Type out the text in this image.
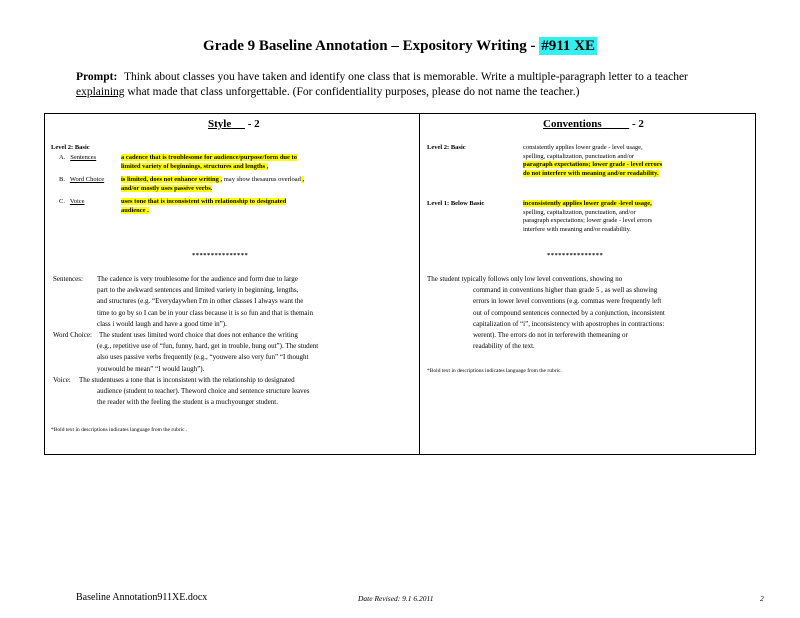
Grade 9 Baseline Annotation – Expository Writing - #911 XE
Prompt: Think about classes you have taken and identify one class that is memorable. Write a multiple-paragraph letter to a teacher
explaining what made that class unforgettable. (For confidentiality purposes, please do not name the teacher.)
Style - 2
Level 2: Basic
A. Sentences	a cadence that is troublesome for audience/purpose/form due to
limited variety of beginnings, structures and lengths ,
B. Word Choice	is limited, does not enhance writing , may show thesaurus overload ,
and/or mostly uses passive verbs.
C. Voice	uses tone that is inconsistent with relationship to designated
audience .
***************
Sentences: The cadence is very troublesome for the audience and form due to large
part to the awkward sentences and limited variety in beginning, lengths,
and structures (e.g. “Everydaywhen I'm in other classes I always want the
time to go by so I can be in your class because it is so fun and that is themain
class i would laugh and have a good time in”).
Word Choice: The student uses limited word choice that does not enhance the writing
(e.g., repetitive use of “fun, funny, hard, get in trouble, hung out”). The student
also uses passive verbs frequently (e.g., “youwere also very fun” “I thought
youwould be mean” “I would laugh”).
Voice: The studentuses a tone that is inconsistent with the relationship to designated
audience (student to teacher). Theword choice and sentence structure leaves
the reader with the feeling the student is a muchyounger student.
*Bold text in descriptions indicates language from the rubric .
Conventions	- 2
Level 2: Basic	consistently applies lower grade - level usage,
spelling, capitalization, punctuation and/or
paragraph expectations; lower grade - level errors
do not interfere with meaning and/or readability.
Level 1: Below Basic	inconsistently applies lower grade -level usage,
spelling, capitalization, punctuation, and/or
paragraph expectations; lower grade - level errors
interfere with meaning and/or readability.
***************
The student typically follows only low level conventions, showing no
command in conventions higher than grade 5 , as well as showing
errors in lower level conventions (e.g. commas were frequently left
out of compound sentences connected by a conjunction, inconsistent
capitalization of “i”, inconsistency with apostrophes in contractions:
werent). The errors do not in terferewith themeaning or
readability of the text.
*Bold text in descriptions indicates language from the rubric.
Baseline Annotation911XE.docx	Date Revised: 9.1 6.2011	2
